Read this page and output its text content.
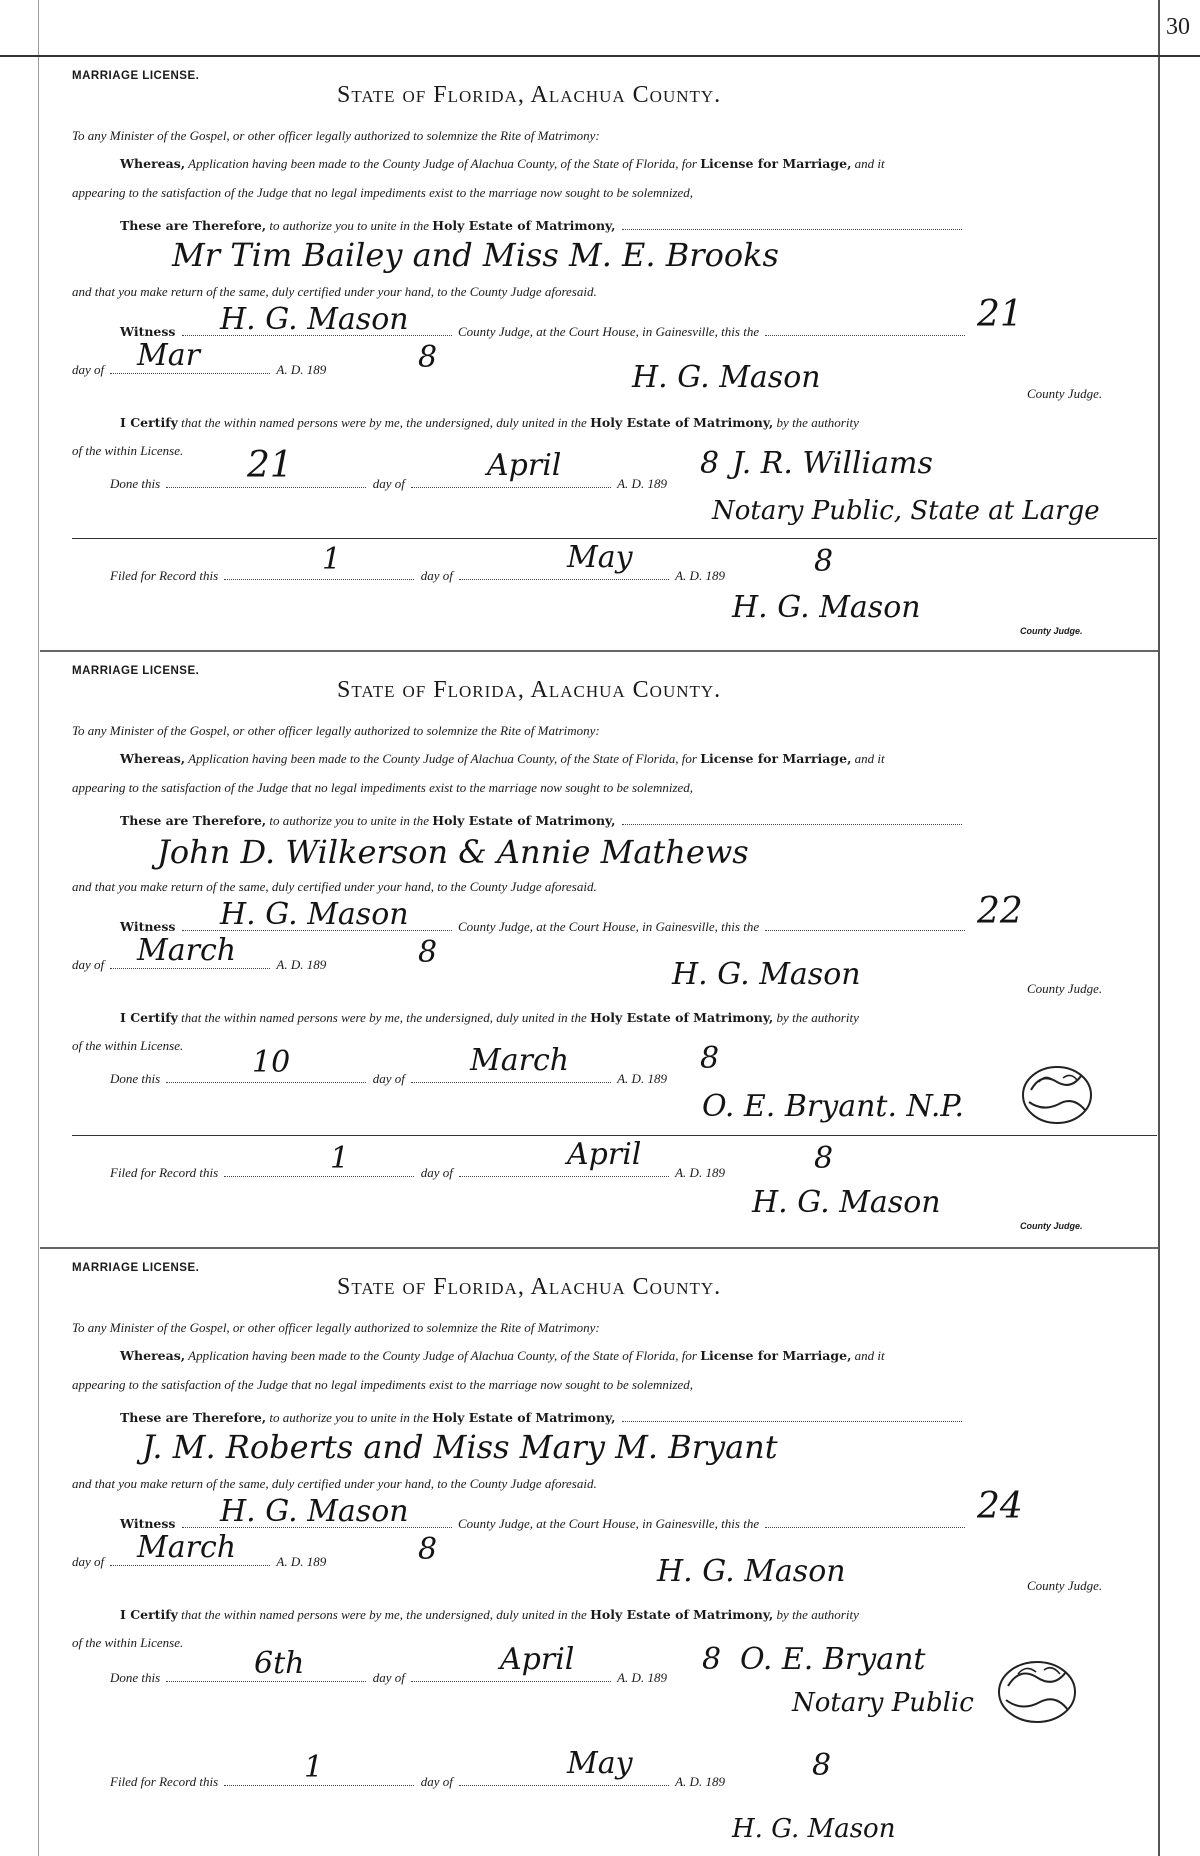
30
MARRIAGE LICENSE.
State of Florida, Alachua County.
To any Minister of the Gospel, or other officer legally authorized to solemnize the Rite of Matrimony:
Whereas, Application having been made to the County Judge of Alachua County, of the State of Florida, for License for Marriage, and it
appearing to the satisfaction of the Judge that no legal impediments exist to the marriage now sought to be solemnized,
These are Therefore, to authorize you to unite in the Holy Estate of Matrimony,
Mr Tim Bailey and Miss M. E. Brooks
and that you make return of the same, duly certified under your hand, to the County Judge aforesaid.
Witness	County Judge, at the Court House, in Gainesville, this the
H. G. Mason	21
day of	A. D. 189
Mar	8
H. G. Mason	County Judge.
I Certify that the within named persons were by me, the undersigned, duly united in the Holy Estate of Matrimony, by the authority
of the within License.
Done this	day of	A. D. 189
21	April	8 J. R. Williams
Notary Public, State at Large
Filed for Record this	day of	A. D. 189
1	May	8
H. G. Mason
County Judge.
MARRIAGE LICENSE.
State of Florida, Alachua County.
To any Minister of the Gospel, or other officer legally authorized to solemnize the Rite of Matrimony:
Whereas, Application having been made to the County Judge of Alachua County, of the State of Florida, for License for Marriage, and it
appearing to the satisfaction of the Judge that no legal impediments exist to the marriage now sought to be solemnized,
These are Therefore, to authorize you to unite in the Holy Estate of Matrimony,
John D. Wilkerson & Annie Mathews
and that you make return of the same, duly certified under your hand, to the County Judge aforesaid.
Witness	County Judge, at the Court House, in Gainesville, this the
H. G. Mason	22
day of	A. D. 189
March	8
H. G. Mason	County Judge.
I Certify that the within named persons were by me, the undersigned, duly united in the Holy Estate of Matrimony, by the authority
of the within License.
Done this	day of	A. D. 189
10	March	8
O. E. Bryant. N.P.
Filed for Record this	day of	A. D. 189
1	April	8
H. G. Mason
County Judge.
MARRIAGE LICENSE.
State of Florida, Alachua County.
To any Minister of the Gospel, or other officer legally authorized to solemnize the Rite of Matrimony:
Whereas, Application having been made to the County Judge of Alachua County, of the State of Florida, for License for Marriage, and it
appearing to the satisfaction of the Judge that no legal impediments exist to the marriage now sought to be solemnized,
These are Therefore, to authorize you to unite in the Holy Estate of Matrimony,
J. M. Roberts and Miss Mary M. Bryant
and that you make return of the same, duly certified under your hand, to the County Judge aforesaid.
Witness	County Judge, at the Court House, in Gainesville, this the
H. G. Mason	24
day of	A. D. 189
March	8
H. G. Mason	County Judge.
I Certify that the within named persons were by me, the undersigned, duly united in the Holy Estate of Matrimony, by the authority
of the within License.
Done this	day of	A. D. 189
6th	April	8 O. E. Bryant
Notary Public
Filed for Record this	day of	A. D. 189
1	May	8
H. G. Mason
